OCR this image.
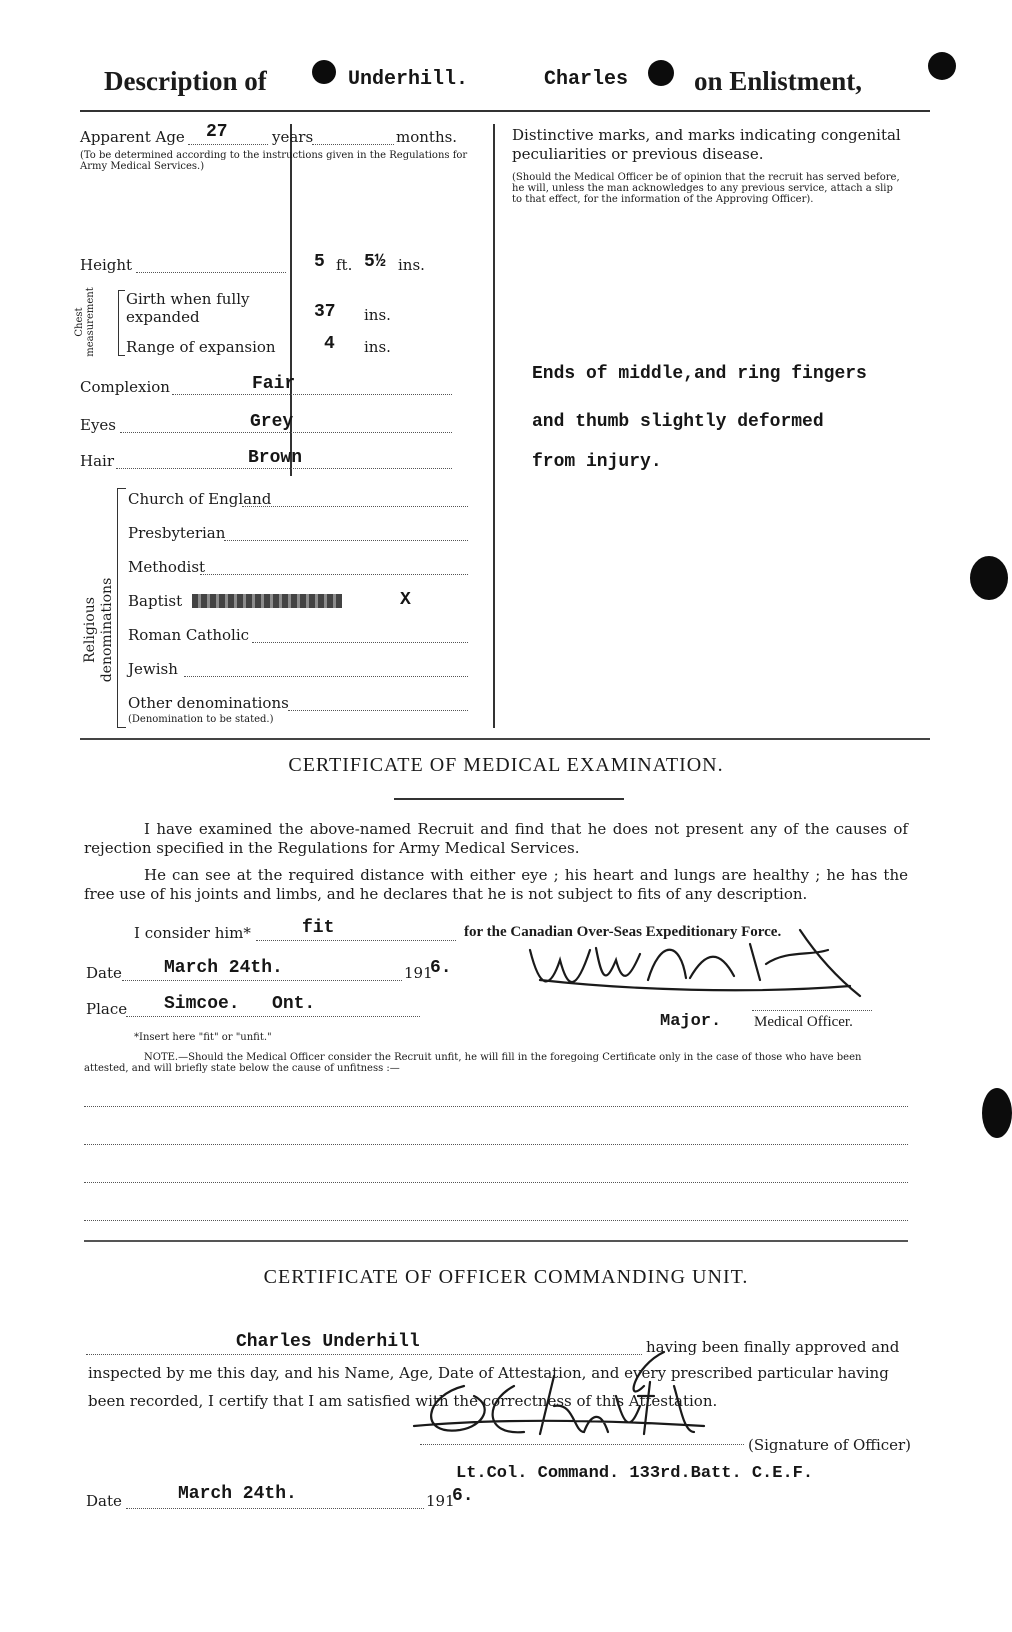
Description of	Underhill.	Charles on Enlistment,
Apparent Age 27	years	months.
(To be determined according to the instructions given in the Regulations for Army Medical Services.)
Height	5 ft. 5½ ins.
Chest measurement Girth when fully expanded	37 ins.
Range of expansion	4 ins.
Complexion	Fair
Eyes	Grey
Hair	Brown
Religious denominations
Church of England
Presbyterian
Methodist
Baptist	X
Roman Catholic
Jewish
Other denominations
(Denomination to be stated.)
Distinctive marks, and marks indicating congenital peculiarities or previous disease.
(Should the Medical Officer be of opinion that the recruit has served before, he will, unless the man acknowledges to any previous service, attach a slip to that effect, for the information of the Approving Officer).
Ends of middle,and ring fingers
and thumb slightly deformed
from injury.
CERTIFICATE OF MEDICAL EXAMINATION.
I have examined the above-named Recruit and find that he does not present any of the causes of rejection specified in the Regulations for Army Medical Services.
He can see at the required distance with either eye ; his heart and lungs are healthy ; he has the free use of his joints and limbs, and he declares that he is not subject to fits of any description.
I consider him*	fit	for the Canadian Over-Seas Expeditionary Force.
Date March 24th.	191
6.
Place Simcoe.   Ont.
Major. Medical Officer.
*Insert here "fit" or "unfit."
NOTE.—Should the Medical Officer consider the Recruit unfit, he will fill in the foregoing Certificate only in the case of those who have been attested, and will briefly state below the cause of unfitness :—
CERTIFICATE OF OFFICER COMMANDING UNIT.
Charles Underhill	having been finally approved and
inspected by me this day, and his Name, Age, Date of Attestation, and every prescribed particular having
been recorded, I certify that I am satisfied with the correctness of this Attestation.
(Signature of Officer)
Lt.Col. Command. 133rd.Batt. C.E.F.
Date	March 24th.	191
6.
